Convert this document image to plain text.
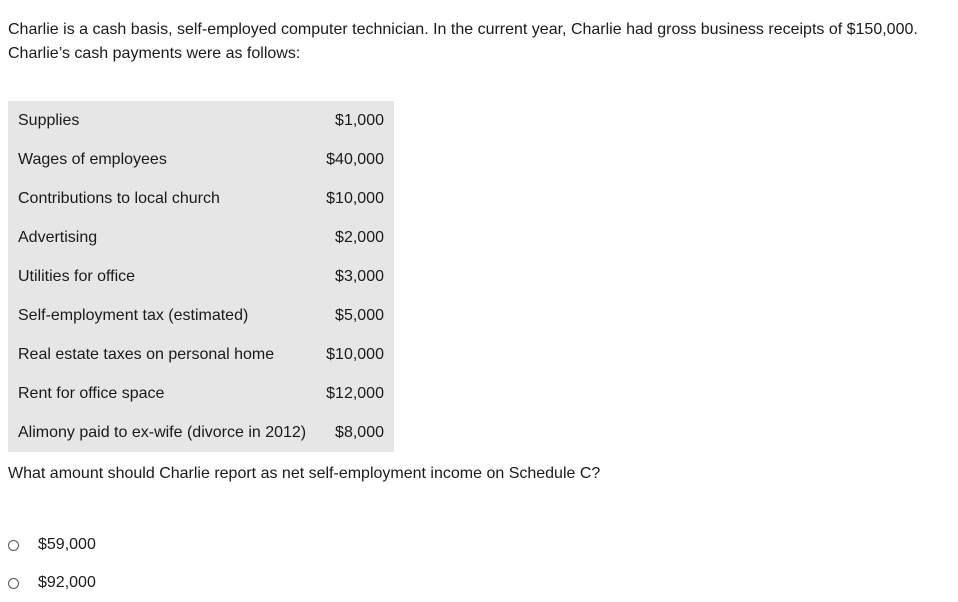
Charlie is a cash basis, self-employed computer technician. In the current year, Charlie had gross business receipts of $150,000.
Charlie’s cash payments were as follows:

Supplies	$1,000
Wages of employees	$40,000
Contributions to local church	$10,000
Advertising	$2,000
Utilities for office	$3,000
Self-employment tax (estimated)	$5,000
Real estate taxes on personal home	$10,000
Rent for office space	$12,000
Alimony paid to ex-wife (divorce in 2012)	$8,000

What amount should Charlie report as net self-employment income on Schedule C?

$59,000
$92,000
